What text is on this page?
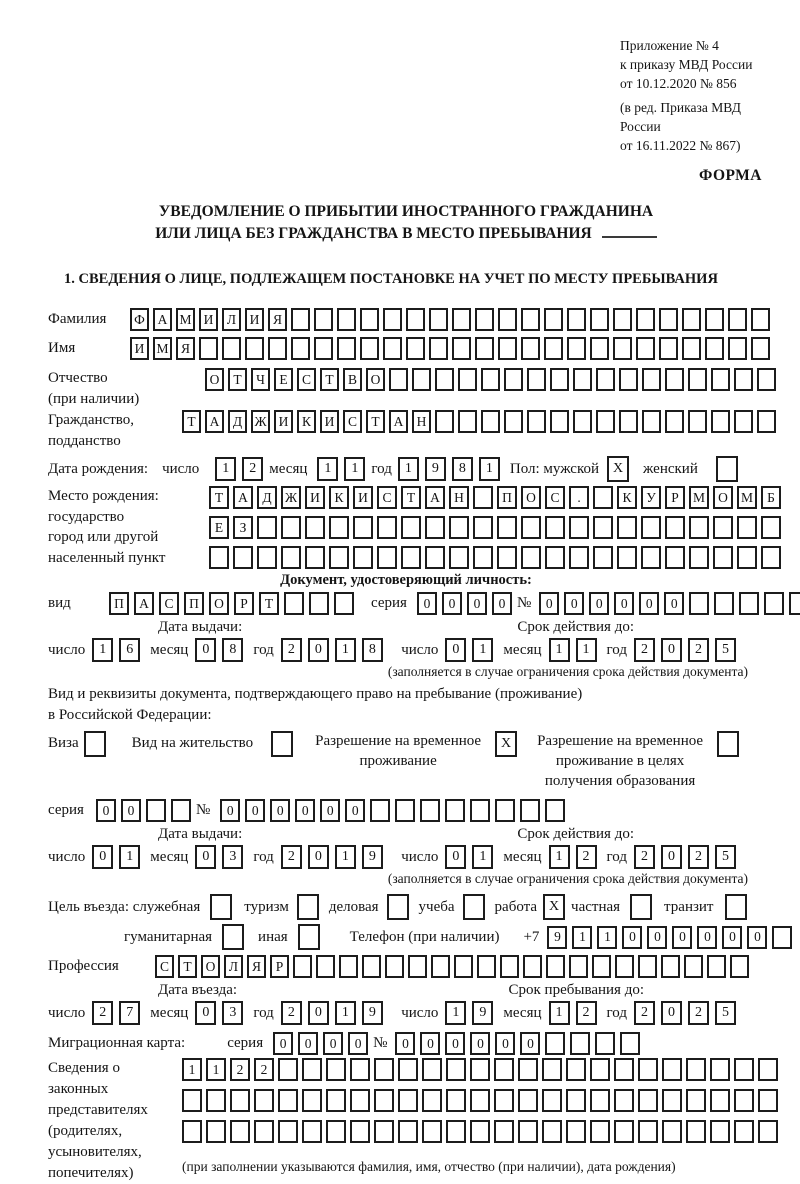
Приложение № 4
к приказу МВД России
от 10.12.2020 № 856
(в ред. Приказа МВД России
от 16.11.2022 № 867)
ФОРМА
УВЕДОМЛЕНИЕ О ПРИБЫТИИ ИНОСТРАННОГО ГРАЖДАНИНА
ИЛИ ЛИЦА БЕЗ ГРАЖДАНСТВА В МЕСТО ПРЕБЫВАНИЯ
1. СВЕДЕНИЯ О ЛИЦЕ, ПОДЛЕЖАЩЕМ ПОСТАНОВКЕ НА УЧЕТ ПО МЕСТУ ПРЕБЫВАНИЯ
Фамилия	Ф А М И	Л	И	Я
Имя	И М Я
Отчество
(при наличии)
О	Т	Ч	Е	С	Т	В	О
Гражданство,
подданство
Т	А	Д Ж И	К	И	С	Т	А Н
Дата рождения: число	1	2 месяц	1	1 год 1	9	8	1	Пол: мужской X	женский
Место рождения:
государство
город или другой
населенный пункт
Т	А	Д Ж И	К	И	С	Т	А	Н	П	О	С	.	К	У	Р	М О М	Б
Е	З
Документ, удостоверяющий личность:
вид	П	А	С	П	О	Р	Т	серия	0	0	0	0 №	0	0	0	0	0	0
Дата выдачи:	Срок действия до:
число	1	6	месяц	0	8	год	2	0	1	8	число	0	1	месяц	1	1	год	2	0	2	5
(заполняется в случае ограничения срока действия документа)
Вид и реквизиты документа, подтверждающего право на пребывание (проживание)
в Российской Федерации:
Виза	Вид на жительство	Разрешение на временное
проживание
X	Разрешение на временное
проживание в целях
получения образования
серия	0	0	№	0	0	0	0	0	0
Дата выдачи:	Срок действия до:
число	0	1	месяц	0	3	год	2	0	1	9	число	0	1	месяц	1	2	год	2	0	2	5
(заполняется в случае ограничения срока действия документа)
Цель въезда: служебная	туризм	деловая	учеба	работа X частная	транзит
гуманитарная	иная	Телефон (при наличии) +7	9	1	1	0	0	0	0	0	0
Профессия	С	Т	О	Л	Я	Р
Дата въезда:	Срок пребывания до:
число	2	7	месяц	0	3	год	2	0	1	9	число	1	9	месяц	1	2	год	2	0	2	5
Миграционная карта:	серия	0	0	0	0 №	0	0	0	0	0	0
Сведения о
законных
представителях
(родителях,
усыновителях,
попечителях)
1	1	2	2
(при заполнении указываются фамилия, имя, отчество (при наличии), дата рождения)
